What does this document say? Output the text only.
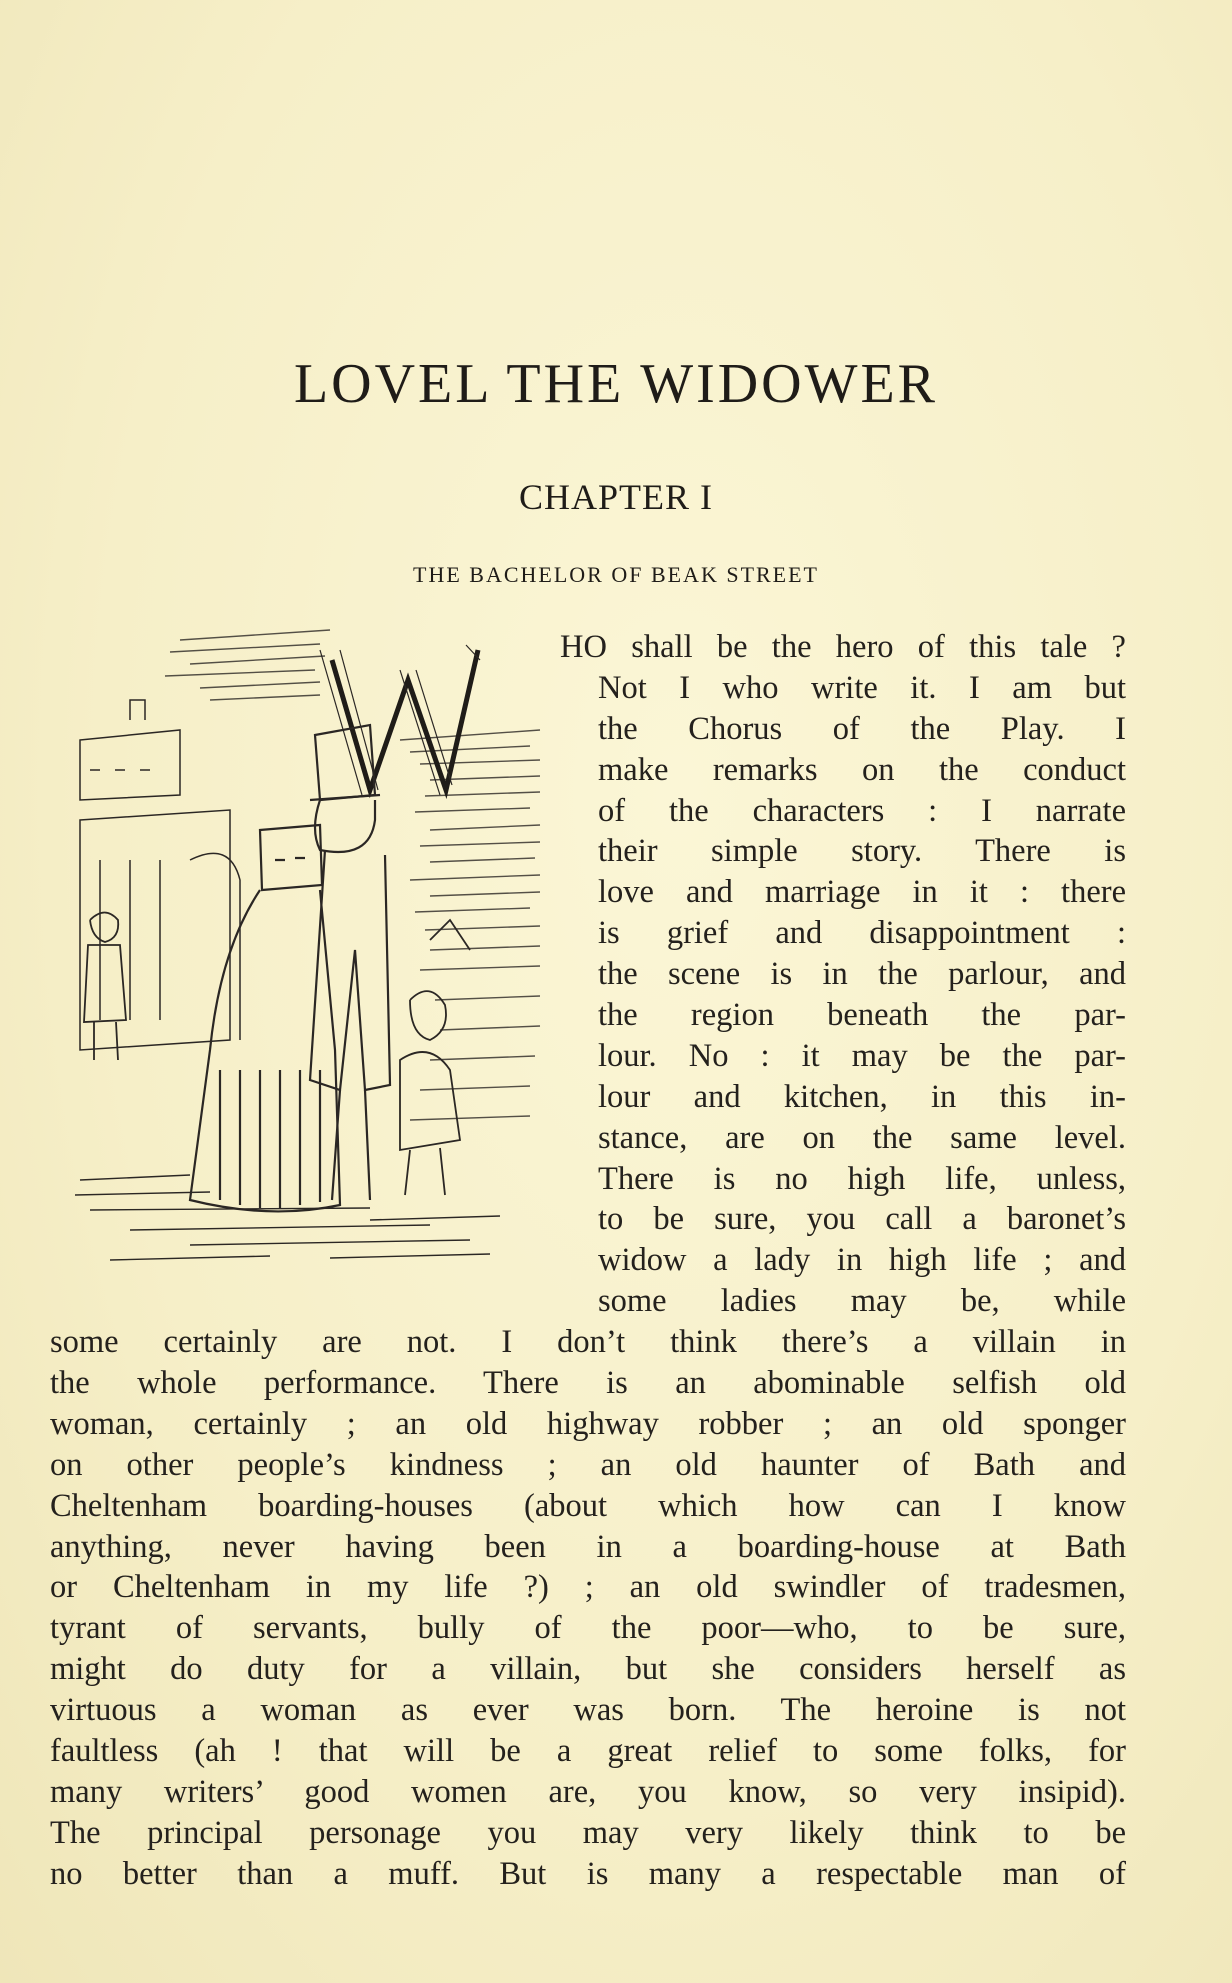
LOVEL THE WIDOWER
CHAPTER I
THE BACHELOR OF BEAK STREET
HO shall be the hero of this tale ?
Not I who write it. I am but
the Chorus of the Play. I
make remarks on the conduct
of the characters : I narrate
their simple story. There is
love and marriage in it : there
is grief and disappointment :
the scene is in the parlour, and
the region beneath the par-
lour. No : it may be the par-
lour and kitchen, in this in-
stance, are on the same level.
There is no high life, unless,
to be sure, you call a baronet’s
widow a lady in high life ; and
some ladies may be, while
some certainly are not. I don’t think there’s a villain in
the whole performance. There is an abominable selfish old
woman, certainly ; an old highway robber ; an old sponger
on other people’s kindness ; an old haunter of Bath and
Cheltenham boarding-houses (about which how can I know
anything, never having been in a boarding-house at Bath
or Cheltenham in my life ?) ; an old swindler of tradesmen,
tyrant of servants, bully of the poor—who, to be sure,
might do duty for a villain, but she considers herself as
virtuous a woman as ever was born. The heroine is not
faultless (ah ! that will be a great relief to some folks, for
many writers’ good women are, you know, so very insipid).
The principal personage you may very likely think to be
no better than a muff. But is many a respectable man of
